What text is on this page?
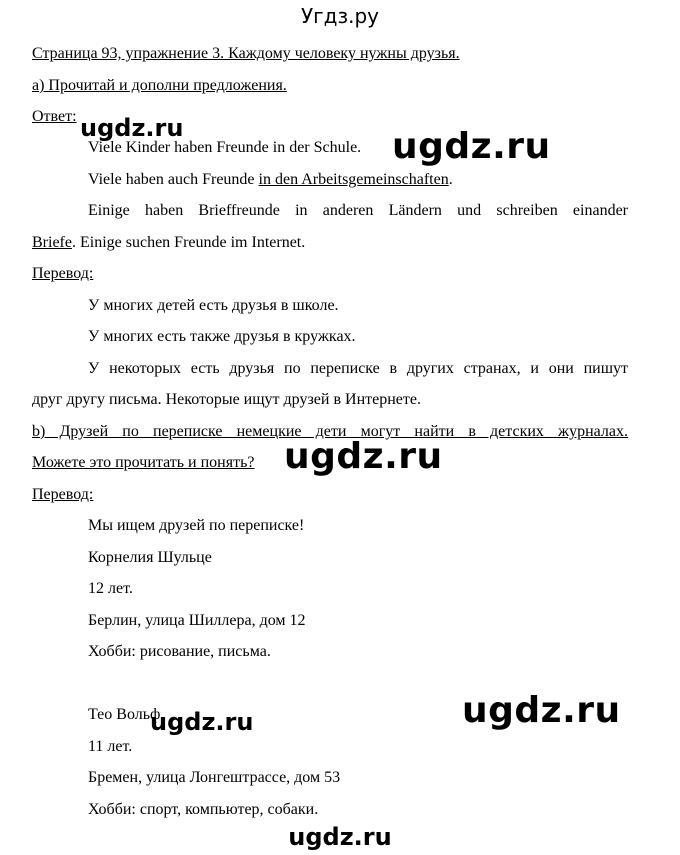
Угдз.ру
Страница 93, упражнение 3. Каждому человеку нужны друзья.
a) Прочитай и дополни предложения.
Ответ:
Viele Kinder haben Freunde in der Schule.
Viele haben auch Freunde in den Arbeitsgemeinschaften.
Einige haben Brieffreunde in anderen Ländern und schreiben einander
Briefe. Einige suchen Freunde im Internet.
Перевод:
У многих детей есть друзья в школе.
У многих есть также друзья в кружках.
У некоторых есть друзья по переписке в других странах, и они пишут
друг другу письма. Некоторые ищут друзей в Интернете.
b) Друзей по переписке немецкие дети могут найти в детских журналах.
Можете это прочитать и понять?
Перевод:
Мы ищем друзей по переписке!
Корнелия Шульце
12 лет.
Берлин, улица Шиллера, дом 12
Хобби: рисование, письма.
Тео Вольф
11 лет.
Бремен, улица Лонгештрассе, дом 53
Хобби: спорт, компьютер, собаки.
ugdz.ru	ugdz.ru
ugdz.ru
ugdz.ru
ugdz.ru
ugdz.ru
